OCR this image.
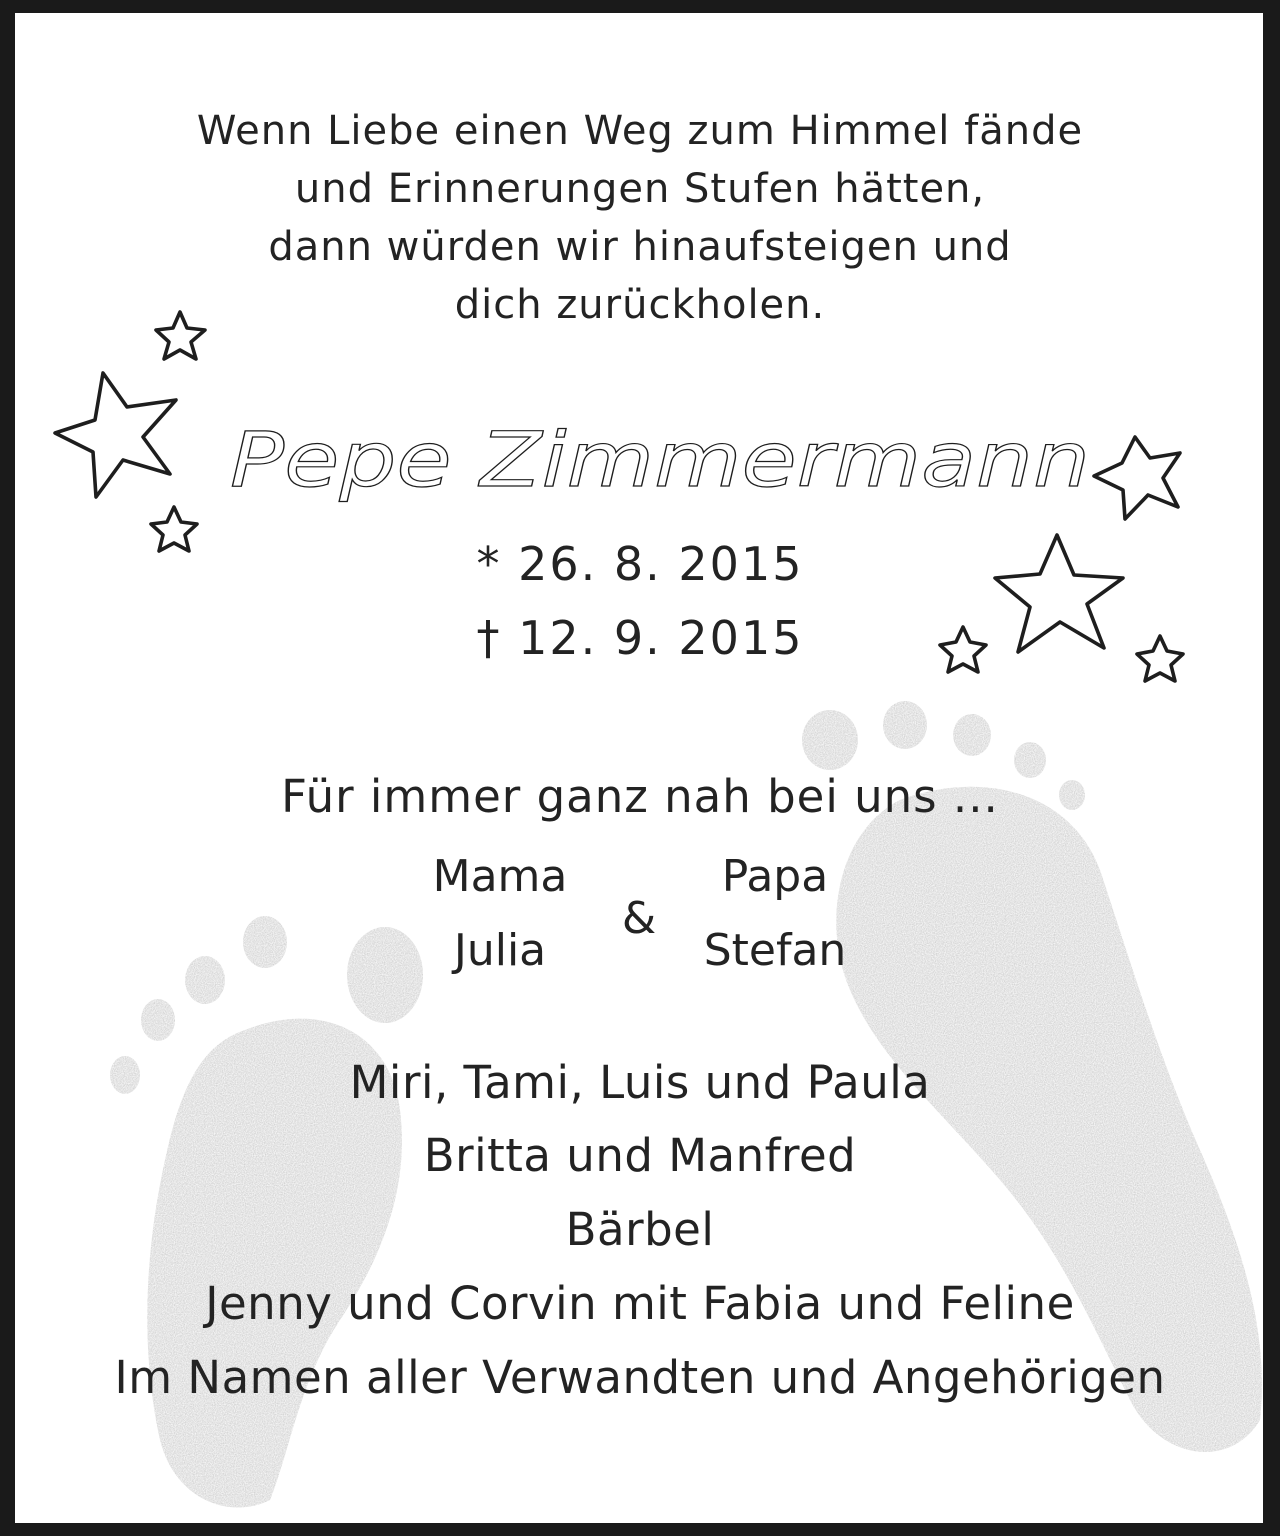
Wenn Liebe einen Weg zum Himmel fände
und Erinnerungen Stufen hätten,
dann würden wir hinaufsteigen und
dich zurückholen.
Pepe Zimmermann
* 26. 8. 2015
† 12. 9. 2015
Für immer ganz nah bei uns ...
Mama
Julia
&
Papa
Stefan
Miri, Tami, Luis und Paula
Britta und Manfred
Bärbel
Jenny und Corvin mit Fabia und Feline
Im Namen aller Verwandten und Angehörigen
